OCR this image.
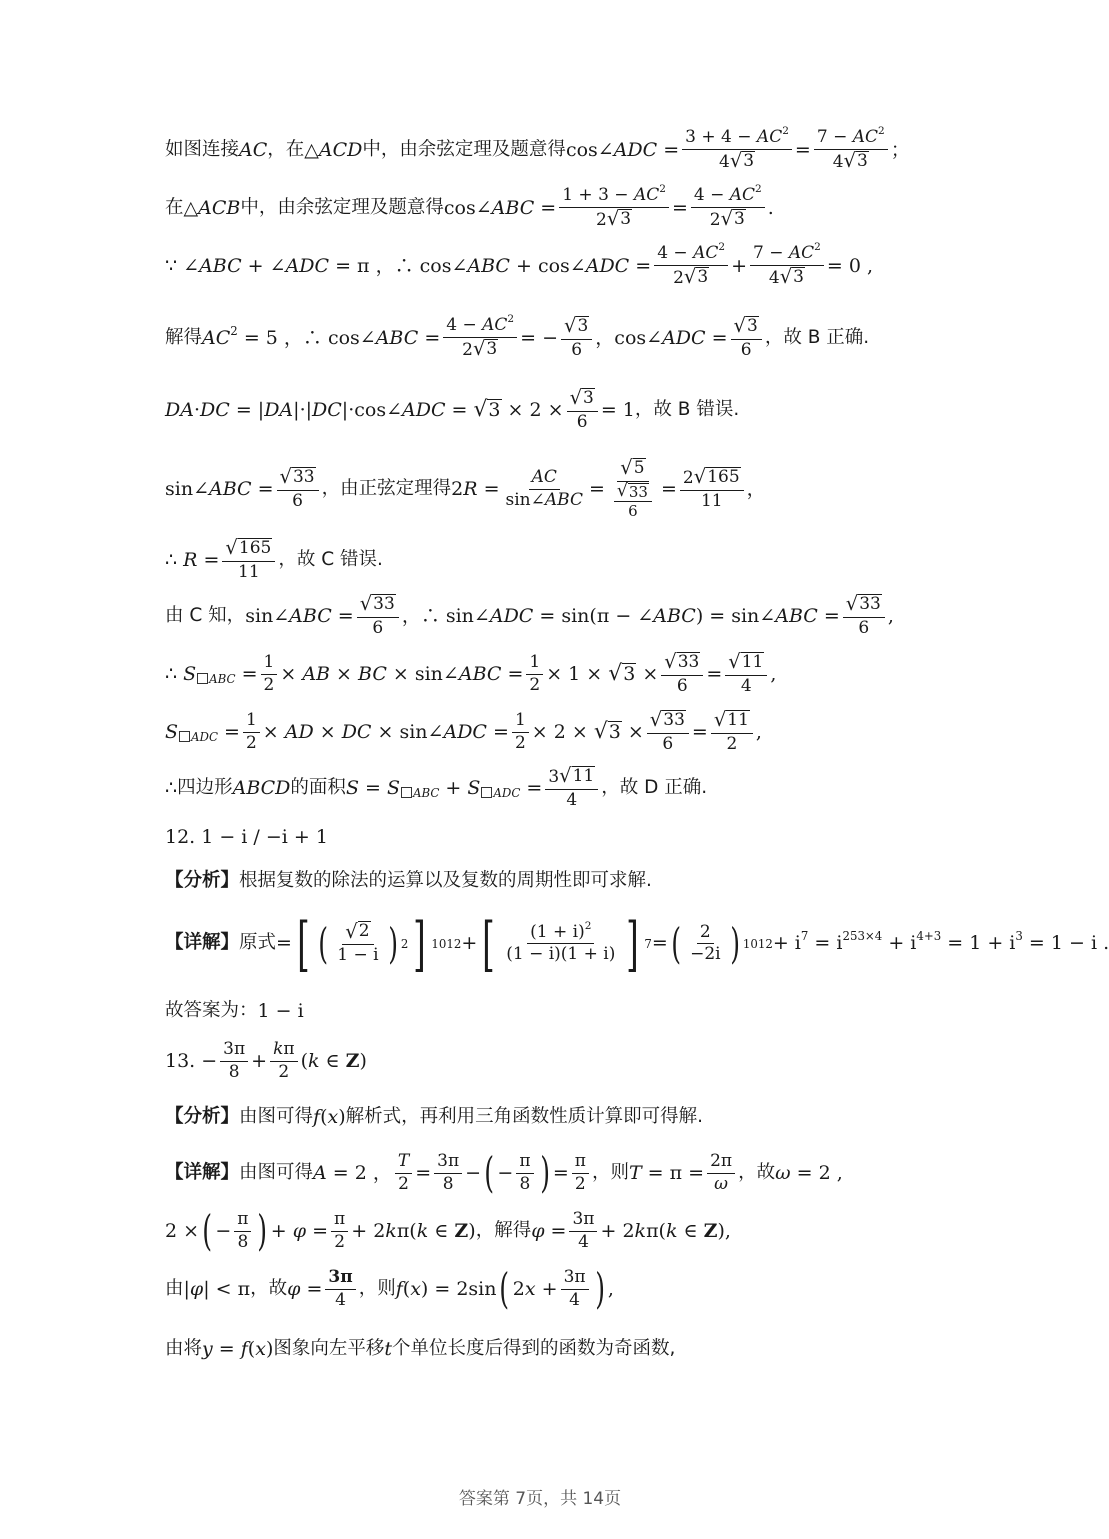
如图连接 AC ，在 △ACD 中，由余弦定理及题意得 cos∠ADC = $\frac{3 + 4 - AC^2}{4 √ 3} = \frac{7 - AC^2}{4 √ 3}$ ；
在 △ACB 中，由余弦定理及题意得 cos∠ABC = $\frac{1 + 3 - AC^2}{2 √ 3} = \frac{4 - AC^2}{2 √ 3}$ .
∵ ∠ABC + ∠ADC = π ，∴ cos∠ABC + cos∠ADC = $\frac{4 - AC^2}{2 √ 3} + \frac{7 - AC^2}{4 √ 3} = 0$ ,
解得 $AC^2 = 5$ ，∴ cos∠ABC = $\frac{4 - AC^2}{2 √ 3}$ = − $\frac{√ 3}{6}$ ，cos∠ADC = $\frac{√ 3}{6}$ ，故 B 正确.
DA·DC = |DA|·|DC|·cos∠ADC = √ $3 \times 2 \times \frac{√ 3}{6} = 1$ ，故 B 错误.
sin∠ABC = $\frac{√ 33}{6}$ ，由正弦定理得 $2R = \frac{AC}{\text{sin∠ABC}} = \frac{√ 5}{\frac{√ 33}{6}} = \frac{2 √ 165}{11}$ ，
∴ $R = \frac{√ 165}{11}$ ，故 C 错误.
由 C 知， sin∠ABC = $\frac{√ 33}{6}$ ，∴ sin∠ADC = sin(π − ∠ABC) = sin∠ABC = $\frac{√ 33}{6}$ ,
∴ S $_{ABC} = \frac{1}{2}$ × AB × BC × sin∠ABC = $\frac{1}{2} \times 1$ × √ $3 \times \frac{√ 33}{6} = \frac{√ 11}{4}$ ,
S $_{ADC} = \frac{1}{2}$ × AD × DC × sin∠ADC = $\frac{1}{2} \times 2$ × √ $3 \times \frac{√ 33}{6} = \frac{√ 11}{2}$ ,
∴ 四边形 ABCD 的面积 S = S $_{ABC}$ + S $_{ADC} = \frac{3 √ 11}{4}$ ，故 D 正确.
12. 1 − i / −i + 1
【分析】 根据复数的除法的运算以及复数的周期性即可求解.
【详解】 原式 = [ ( $\frac{√ 2}{1 - i}$ ) 2 ] 1012 + [ $\frac{(1 + i)^2}{(1 - i)(1 + i)}$ ] 7 = ( $\frac{2}{-2i}$ ) $1012 + i^7 = i^{253\times 4} + i^{4+3} = 1 + i^3 = 1 - i$ .
故答案为： 1 − i
13. − $\frac{3\pi}{8} + \frac{k\pi}{2} (k$ ∈ Z)
【分析】 由图可得 f(x) 解析式，再利用三角函数性质计算即可得解.
【详解】 由图可得 A = 2 ， $\frac{T}{2} = \frac{3\pi}{8}$ − ( − $\frac{\pi}{8}$ ) = $\frac{\pi}{2}$ ，则 $T = \pi = \frac{2\pi}{\omega}$ ，故 ω = 2 ,
2 × ( − $\frac{\pi}{8}$ ) + $\varphi = \frac{\pi}{2} + 2k\pi(k$ ∈ Z) ，解得 $\varphi = \frac{3\pi}{4} + 2k\pi(k$ ∈ Z),
由 |φ| < π ，故 $\varphi = \frac{3\pi}{4}$ ，则 f(x) = 2sin ( $2x + \frac{3\pi}{4}$ ) ,
由将 y = f(x) 图象向左平移 t 个单位长度后得到的函数为奇函数,
答案第 7页，共 14页
